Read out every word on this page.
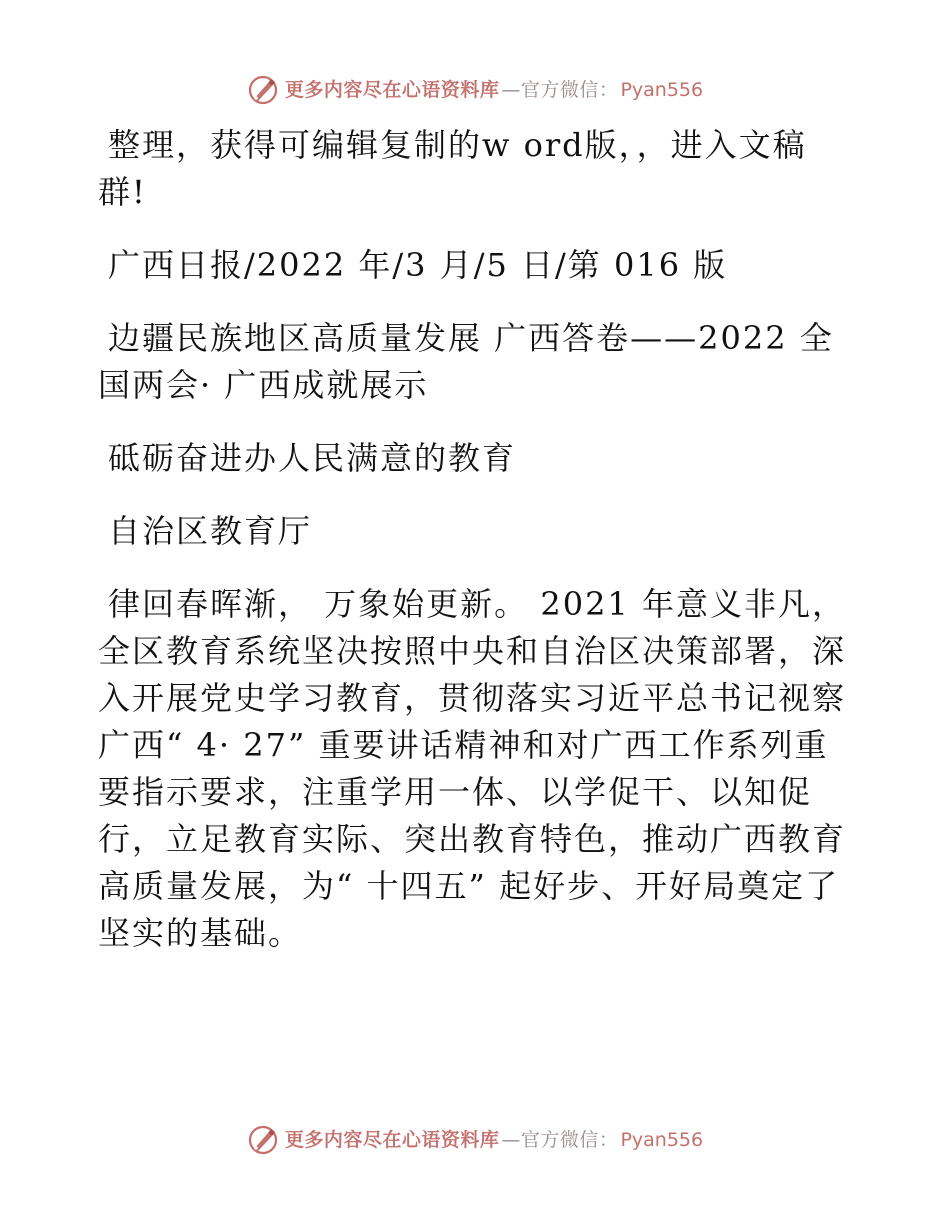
更多内容尽在心语资料库 —官方微信： Pyan556

整理，获得可编辑复制的w ord版，，进入文稿群!

广西日报/2022 年/3 月/5 日/第 016 版

边疆民族地区高质量发展 广西答卷——2022 全国两会· 广西成就展示

砥砺奋进办人民满意的教育

自治区教育厅

律回春晖渐， 万象始更新。 2021 年意义非凡，全区教育系统坚决按照中央和自治区决策部署，深入开展党史学习教育，贯彻落实习近平总书记视察广西“ 4· 27” 重要讲话精神和对广西工作系列重要指示要求，注重学用一体、以学促干、以知促行，立足教育实际、突出教育特色，推动广西教育高质量发展，为“ 十四五” 起好步、开好局奠定了坚实的基础。

更多内容尽在心语资料库 —官方微信： Pyan556
